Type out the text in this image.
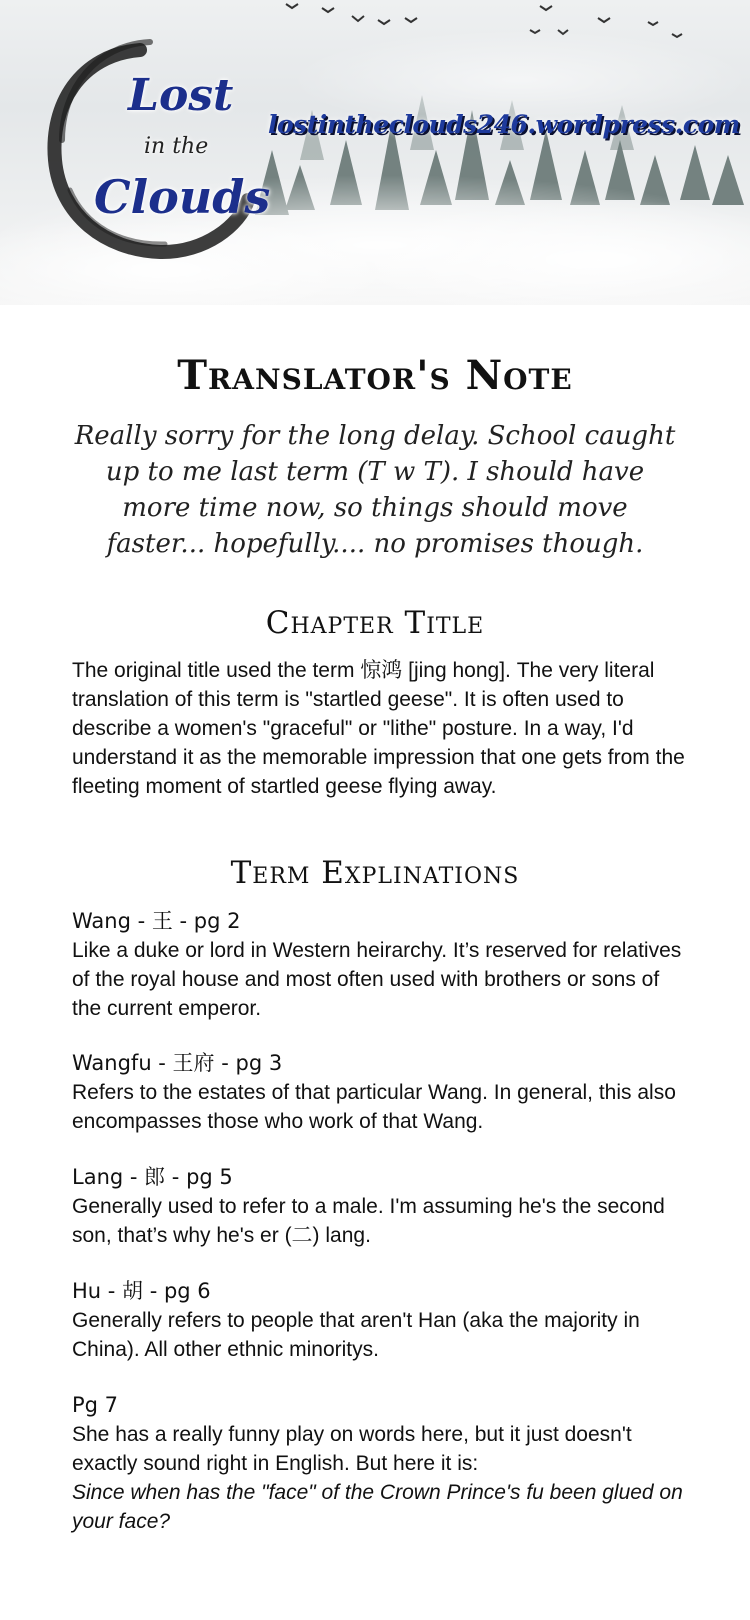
Lost
in the
Clouds
lostintheclouds246.wordpress.com
Translator's Note
Really sorry for the long delay. School caught up to me last term (T w T). I should have more time now, so things should move faster... hopefully.... no promises though.
Chapter Title
The original title used the term 惊鸿 [jing hong]. The very literal translation of this term is "startled geese". It is often used to describe a women's "graceful" or "lithe" posture. In a way, I'd understand it as the memorable impression that one gets from the fleeting moment of startled geese flying away.
Term Explinations
Wang - 王 - pg 2
Like a duke or lord in Western heirarchy. It’s reserved for relatives of the royal house and most often used with brothers or sons of the current emperor.
Wangfu - 王府 - pg 3
Refers to the estates of that particular Wang. In general, this also encompasses those who work of that Wang.
Lang - 郎 - pg 5
Generally used to refer to a male. I'm assuming he's the second son, that’s why he's er (二) lang.
Hu - 胡 - pg 6
Generally refers to people that aren't Han (aka the majority in China). All other ethnic minoritys.
Pg 7
She has a really funny play on words here, but it just doesn't exactly sound right in English. But here it is:
Since when has the "face" of the Crown Prince's fu been glued on your face?
